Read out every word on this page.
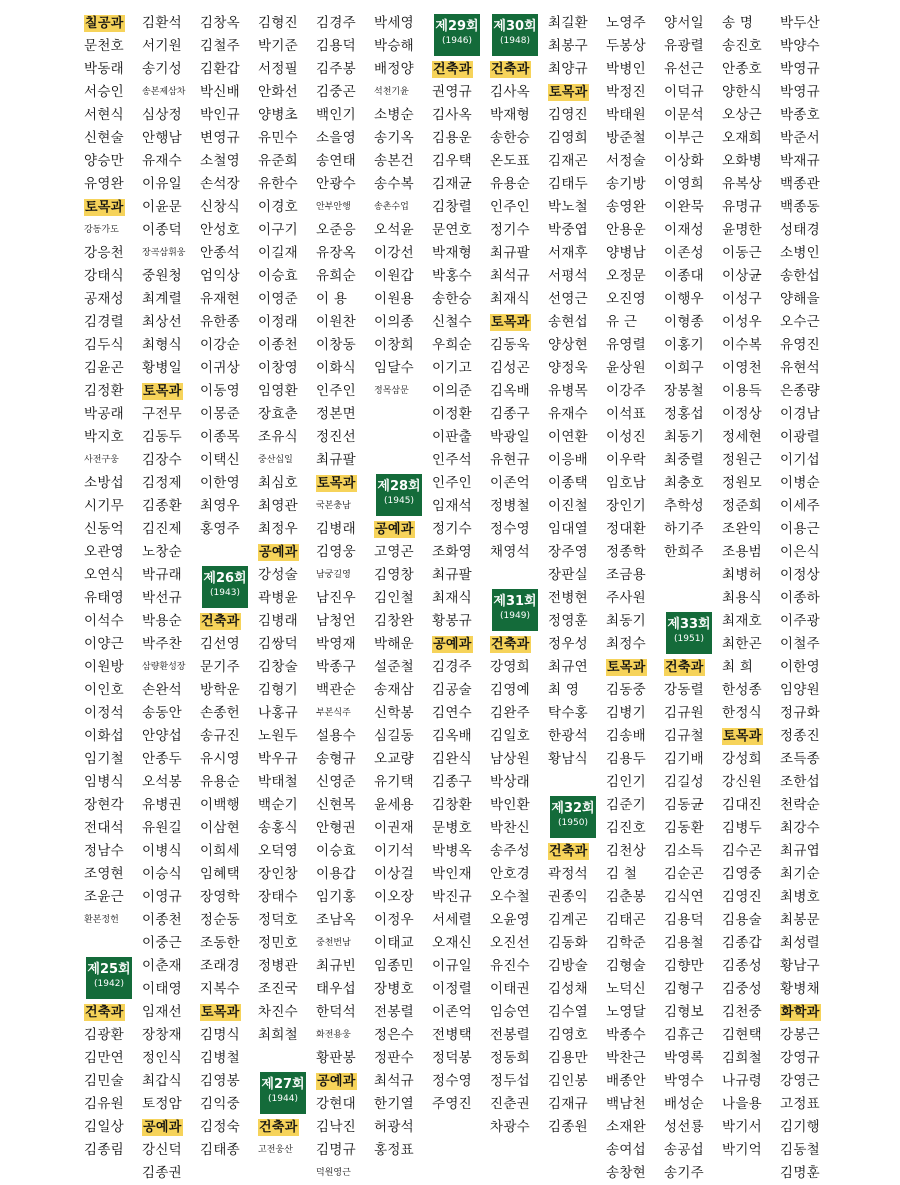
칠공과
문천호
박동래
서승인
서현식
신현술
양승만
유영완
토목과
강동가도
강응천
강태식
공재성
김경렬
김두식
김윤곤
김정환
박공래
박지호
사전구웅
소방섭
시기무
신동억
오관영
오연식
유태영
이석수
이양근
이원방
이인호
이정석
이화섭
임기철
임병식
장현각
전대석
정남수
조영현
조윤근
환본정헌
제25회
(1942)
건축과
김광환
김만연
김민술
김유원
김일상
김종림
김환석
서기원
송기성
송본제삼차
심상정
안행남
유재수
이유일
이윤문
이종덕
장곡삼휘웅
중원청
최계렬
최상선
최형식
황병일
토목과
구전무
김동두
김장수
김정제
김종환
김진제
노창순
박규래
박선규
박용순
박주찬
삼량환성장
손완석
송동안
안양섭
안종두
오석봉
유병권
유원길
이병식
이승식
이영규
이종천
이중근
이춘재
이태영
임재선
장창재
정인식
최갑식
토정암
공예과
강신덕
김종권
김창옥
김철주
김환갑
박신배
박인규
변영규
소철영
손석장
신창식
안성호
안종석
엄익상
유재현
유한종
이강순
이귀상
이동영
이몽준
이종목
이택신
이한영
최영우
홍영주
제26회
(1943)
건축과
김선영
문기주
방학운
손종헌
송규진
유시영
유용순
이백행
이삼현
이희세
임혜택
장영학
정순동
조동한
조래경
지복수
토목과
김명식
김병철
김영봉
김익중
김정숙
김태종
김형진
박기준
서정필
안화선
양병초
유민수
유준희
유한수
이경호
이구기
이길재
이승효
이영준
이정래
이종천
이창영
임영환
장효춘
조유식
중산십일
최심호
최영관
최정우
공예과
강성술
곽병윤
김병래
김쌍덕
김창술
김형기
나홍규
노원두
박우규
박태철
백순기
송홍식
오덕영
장인창
장태수
정덕호
정민호
정병관
조진국
차진수
최희철
제27회
(1944)
건축과
고전웅산
김경주
김용덕
김주봉
김중곤
백인기
소을영
송연태
안광수
안부안행
오준응
유장옥
유희순
이 용
이원찬
이창동
이화식
인주인
정본면
정진선
최규팔
토목과
국본충남
김병래
김영웅
남궁길영
남진우
남청언
박영재
박종구
백관순
부본식주
설용수
송형규
신영준
신현목
안형권
이승효
이용갑
임기홍
조남옥
중천번남
최규빈
태우섭
한덕석
화전용웅
황판봉
공예과
강현대
김낙진
김명규
덕원영근
박세영
박승해
배정양
석천기윤
소병순
송기옥
송본건
송수복
송촌수업
오석윤
이강선
이원갑
이원용
이의종
이창희
임달수
정목삼문
제28회
(1945)
공예과
고영곤
김영창
김인철
김창완
박해운
설준철
송재삼
신학봉
심길동
오교량
유기택
윤세용
이권재
이기석
이상걸
이오장
이정우
이태교
임종민
장병호
전봉렬
정은수
정판수
최석규
한기열
허광석
홍정표
제29회
(1946)
건축과
권영규
김사옥
김용운
김우택
김재균
김창렬
문연호
박재형
박홍수
송한승
신철수
우희순
이기고
이의준
이정환
이판출
인주석
인주인
임재석
정기수
조화영
최규팔
최재식
황봉규
공예과
김경주
김공술
김연수
김옥배
김완식
김종구
김창환
문병호
박병옥
박인재
박진규
서세렬
오재신
이규일
이정렬
이존억
전병택
정덕봉
정수영
주영진
제30회
(1948)
건축과
김사옥
박재형
송한승
온도표
유용순
인주인
정기수
최규팔
최석규
최재식
토목과
김동욱
김성곤
김옥배
김종구
박광일
유현규
이존억
정병철
정수영
채영석
제31회
(1949)
건축과
강영희
김영예
김완주
김일호
남상원
박상래
박인환
박찬신
송주성
안호경
오수철
오윤영
오진선
유진수
이태권
임승연
전봉렬
정동희
정두섭
진춘권
차광수
최길환
최봉구
최양규
토목과
김영진
김영희
김재곤
김태두
박노철
박중엽
서재후
서평석
선영근
송현섭
양상현
양정욱
유병목
유재수
이연환
이응배
이종택
이진철
임대열
장주영
장판실
전병현
정영훈
정우성
최규연
최 영
탁수홍
한광석
황남식
제32회
(1950)
건축과
곽정석
권종익
김계곤
김동화
김방술
김성채
김수열
김영호
김용만
김인봉
김재규
김종원
노영주
두봉상
박병인
박정진
박태원
방준철
서정술
송기방
송영완
안용운
양병남
오정문
오진영
유 근
유영렬
윤상원
이강주
이석표
이성진
이우락
임호남
장인기
정대환
정종학
조금용
주사원
최동기
최정수
토목과
김동중
김병기
김송배
김용두
김인기
김준기
김진호
김천상
김 철
김춘봉
김태곤
김학준
김형술
노덕신
노영달
박종수
박찬근
배종안
백남천
소재완
송여섭
송창현
양서일
유광렬
유선근
이덕규
이문석
이부근
이상화
이영희
이완묵
이재성
이존성
이종대
이행우
이형종
이홍기
이희구
장봉철
정홍섭
최동기
최중렬
최충호
추학성
하기주
한희주
제33회
(1951)
건축과
강동렬
김규원
김규철
김기배
김길성
김동균
김동환
김소득
김순곤
김식연
김용덕
김용철
김향만
김형구
김형보
김휴근
박영록
박영수
배성순
성선룡
송공섭
송기주
송 명
송진호
안종호
양한식
오상근
오재희
오화병
유복상
유명규
윤명한
이동근
이상균
이성구
이성우
이수복
이영천
이용득
이정상
정세현
정원근
정원모
정준희
조완익
조용범
최병허
최용식
최재호
최한곤
최 희
한성종
한정식
토목과
강성희
강신원
김대진
김병두
김수곤
김영중
김영진
김용술
김종갑
김종성
김중성
김천중
김현택
김희철
나규령
나을용
박기서
박기억
박두산
박양수
박영규
박영규
박종호
박준서
박재규
백종관
백종동
성태경
소병인
송한섭
양해을
오수근
유영진
유현석
은종량
이경남
이광렬
이기섭
이병순
이세주
이용근
이은식
이정상
이종하
이주광
이철주
이한영
임양원
정규화
정종진
조득종
조한섭
천락순
최강수
최규엽
최기순
최병호
최봉문
최성렬
황남구
황병채
화학과
강봉근
강영규
강영근
고정표
김기행
김동철
김명훈
